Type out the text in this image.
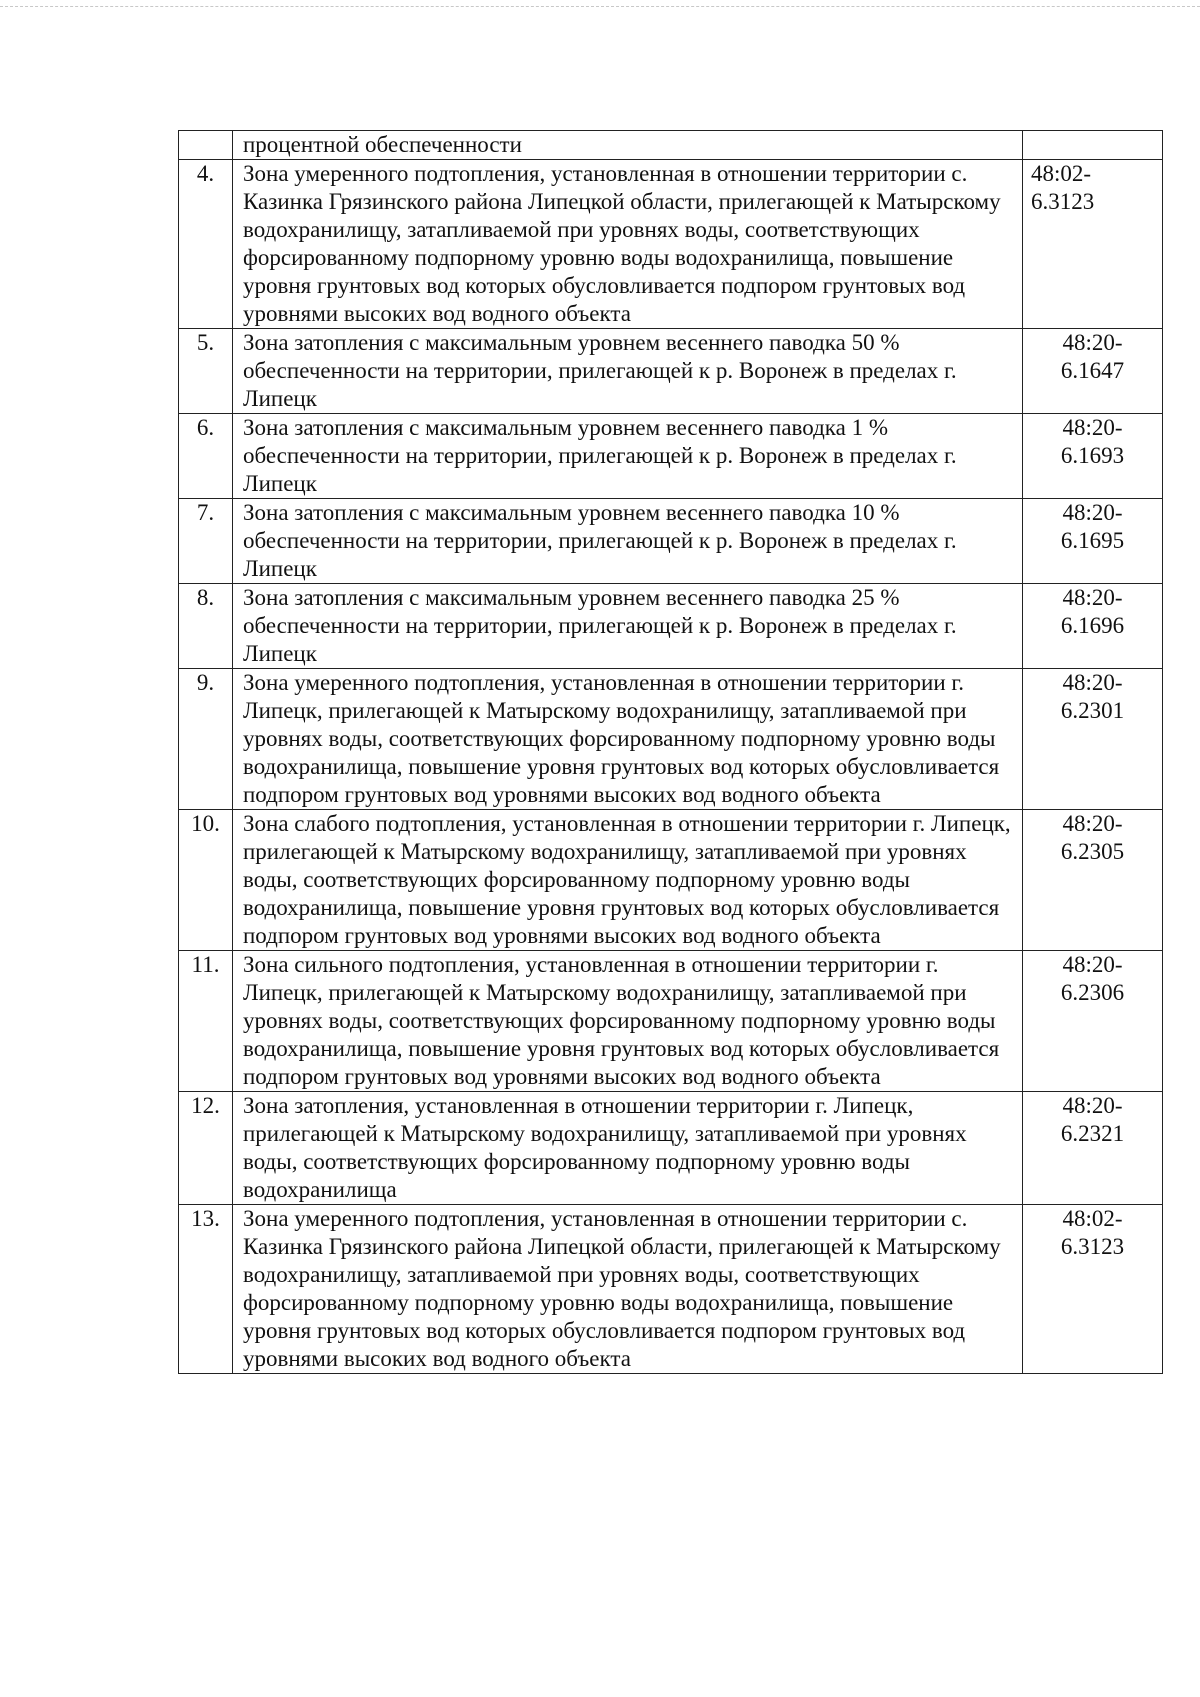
	процентной обеспеченности	

4.	Зона умеренного подтопления, установленная в отношении территории с. Казинка Грязинского района Липецкой области, прилегающей к Матырскому водохранилищу, затапливаемой при уровнях воды, соответствующих форсированному подпорному уровню воды водохранилища, повышение уровня грунтовых вод которых обусловливается подпором грунтовых вод уровнями высоких вод водного объекта	48:02-
6.3123

5.	Зона затопления с максимальным уровнем весеннего паводка 50 % обеспеченности на территории, прилегающей к р. Воронеж в пределах г. Липецк	48:20-
6.1647

6.	Зона затопления с максимальным уровнем весеннего паводка 1 % обеспеченности на территории, прилегающей к р. Воронеж в пределах г. Липецк	48:20-
6.1693

7.	Зона затопления с максимальным уровнем весеннего паводка 10 % обеспеченности на территории, прилегающей к р. Воронеж в пределах г. Липецк	48:20-
6.1695

8.	Зона затопления с максимальным уровнем весеннего паводка 25 % обеспеченности на территории, прилегающей к р. Воронеж в пределах г. Липецк	48:20-
6.1696

9.	Зона умеренного подтопления, установленная в отношении территории г. Липецк, прилегающей к Матырскому водохранилищу, затапливаемой при уровнях воды, соответствующих форсированному подпорному уровню воды водохранилища, повышение уровня грунтовых вод которых обусловливается подпором грунтовых вод уровнями высоких вод водного объекта	48:20-
6.2301

10.	Зона слабого подтопления, установленная в отношении территории г. Липецк, прилегающей к Матырскому водохранилищу, затапливаемой при уровнях воды, соответствующих форсированному подпорному уровню воды водохранилища, повышение уровня грунтовых вод которых обусловливается подпором грунтовых вод уровнями высоких вод водного объекта	48:20-
6.2305

11.	Зона сильного подтопления, установленная в отношении территории г. Липецк, прилегающей к Матырскому водохранилищу, затапливаемой при уровнях воды, соответствующих форсированному подпорному уровню воды водохранилища, повышение уровня грунтовых вод которых обусловливается подпором грунтовых вод уровнями высоких вод водного объекта	48:20-
6.2306

12.	Зона затопления, установленная в отношении территории г. Липецк, прилегающей к Матырскому водохранилищу, затапливаемой при уровнях воды, соответствующих форсированному подпорному уровню воды водохранилища	48:20-
6.2321

13.	Зона умеренного подтопления, установленная в отношении территории с. Казинка Грязинского района Липецкой области, прилегающей к Матырскому водохранилищу, затапливаемой при уровнях воды, соответствующих форсированному подпорному уровню воды водохранилища, повышение уровня грунтовых вод которых обусловливается подпором грунтовых вод уровнями высоких вод водного объекта	48:02-
6.3123
